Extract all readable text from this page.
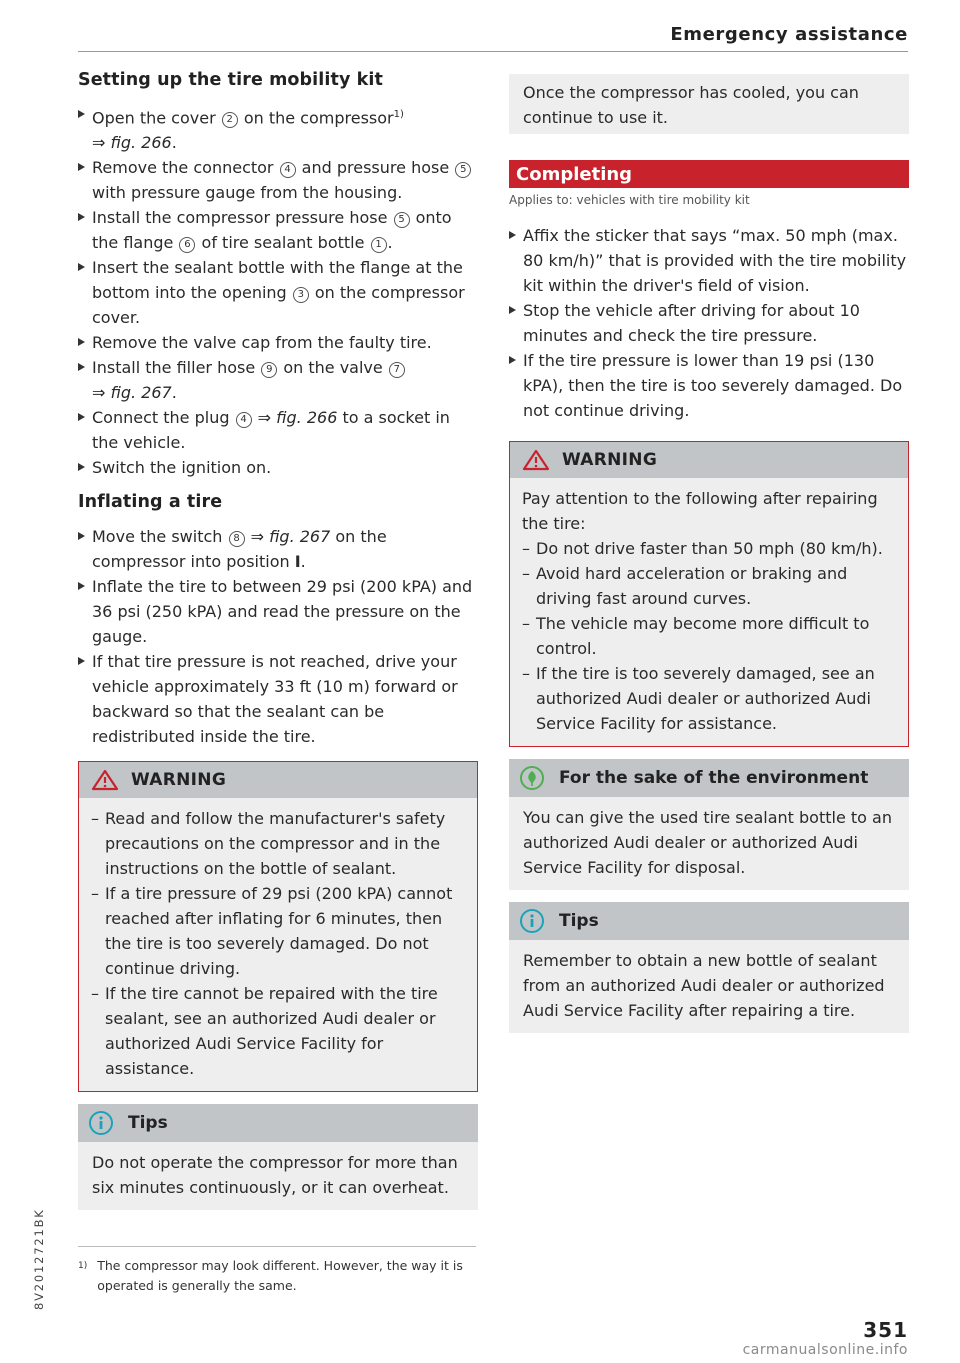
Emergency assistance
Setting up the tire mobility kit
Open the cover 2 on the compressor$^{1)}$
⇒ fig. 266.
Remove the connector 4 and pressure hose 5 with pressure gauge from the housing.
Install the compressor pressure hose 5 onto the flange 6 of tire sealant bottle 1 .
Insert the sealant bottle with the flange at the bottom into the opening 3 on the compressor cover.
Remove the valve cap from the faulty tire.
Install the filler hose 9 on the valve 7
⇒ fig. 267.
Connect the plug 4 ⇒ fig. 266 to a socket in the vehicle.
Switch the ignition on.
Inflating a tire
Move the switch 8 ⇒ fig. 267 on the compressor into position I.
Inflate the tire to between 29 psi (200 kPA) and 36 psi (250 kPA) and read the pressure on the gauge.
If that tire pressure is not reached, drive your vehicle approximately 33 ft (10 m) forward or backward so that the sealant can be redistributed inside the tire.
WARNING
– Read and follow the manufacturer's safety precautions on the compressor and in the instructions on the bottle of sealant.
– If a tire pressure of 29 psi (200 kPA) cannot reached after inflating for 6 minutes, then the tire is too severely damaged. Do not continue driving.
– If the tire cannot be repaired with the tire sealant, see an authorized Audi dealer or authorized Audi Service Facility for assistance.
Tips
Do not operate the compressor for more than six minutes continuously, or it can overheat.
Once the compressor has cooled, you can continue to use it.
Completing
Applies to: vehicles with tire mobility kit
Affix the sticker that says “max. 50 mph (max. 80 km/h)” that is provided with the tire mobility kit within the driver's field of vision.
Stop the vehicle after driving for about 10 minutes and check the tire pressure.
If the tire pressure is lower than 19 psi (130 kPA), then the tire is too severely damaged. Do not continue driving.
WARNING
Pay attention to the following after repairing the tire:
– Do not drive faster than 50 mph (80 km/h).
– Avoid hard acceleration or braking and driving fast around curves.
– The vehicle may become more difficult to control.
– If the tire is too severely damaged, see an authorized Audi dealer or authorized Audi Service Facility for assistance.
For the sake of the environment
You can give the used tire sealant bottle to an authorized Audi dealer or authorized Audi Service Facility for disposal.
Tips
Remember to obtain a new bottle of sealant from an authorized Audi dealer or authorized Audi Service Facility after repairing a tire.
$^{1)}$ The compressor may look different. However, the way it is operated is generally the same.
8V2012721BK
351
carmanualsonline.info
